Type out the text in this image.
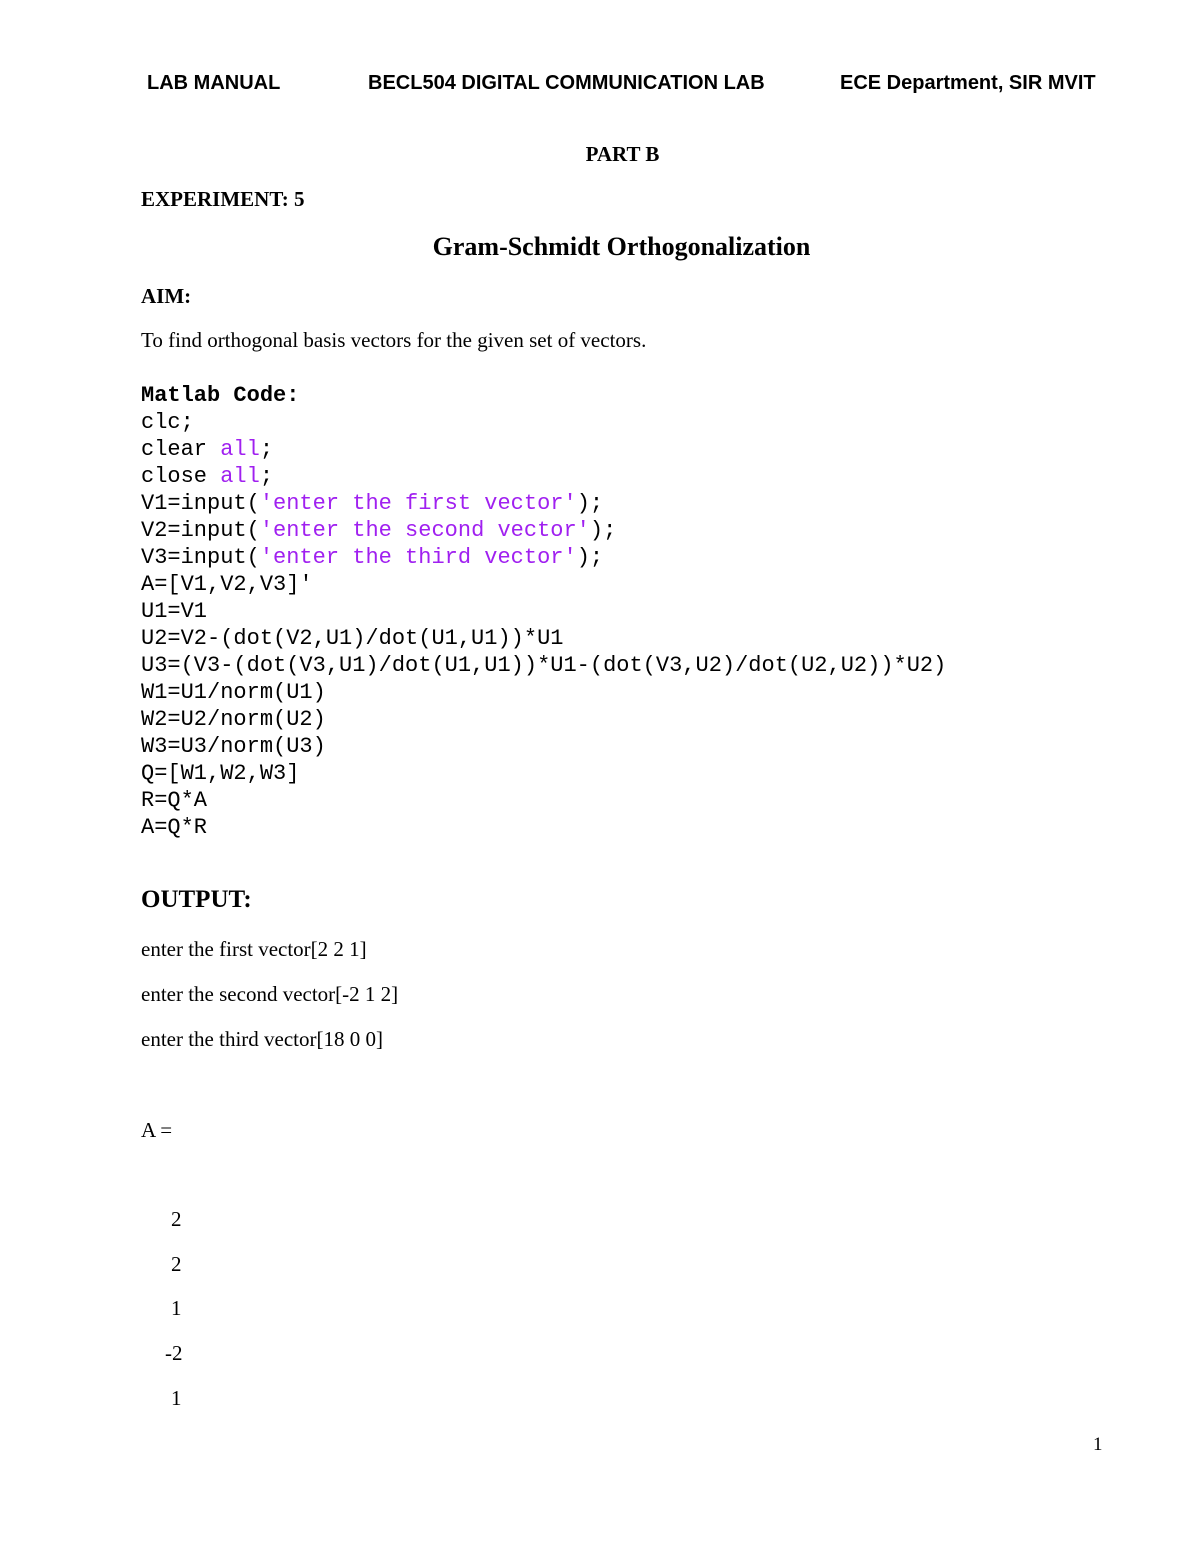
LAB MANUAL	BECL504 DIGITAL COMMUNICATION LAB	ECE Department, SIR MVIT
PART B
EXPERIMENT: 5
Gram-Schmidt Orthogonalization
AIM:
To find orthogonal basis vectors for the given set of vectors.
Matlab Code:
clc;
clear all;
close all;
V1=input('enter the first vector');
V2=input('enter the second vector');
V3=input('enter the third vector');
A=[V1,V2,V3]'
U1=V1
U2=V2-(dot(V2,U1)/dot(U1,U1))*U1
U3=(V3-(dot(V3,U1)/dot(U1,U1))*U1-(dot(V3,U2)/dot(U2,U2))*U2)
W1=U1/norm(U1)
W2=U2/norm(U2)
W3=U3/norm(U3)
Q=[W1,W2,W3]
R=Q*A
A=Q*R
OUTPUT:
enter the first vector[2 2 1]
enter the second vector[-2 1 2]
enter the third vector[18 0 0]
A =
2
2
1
-2
1
1
